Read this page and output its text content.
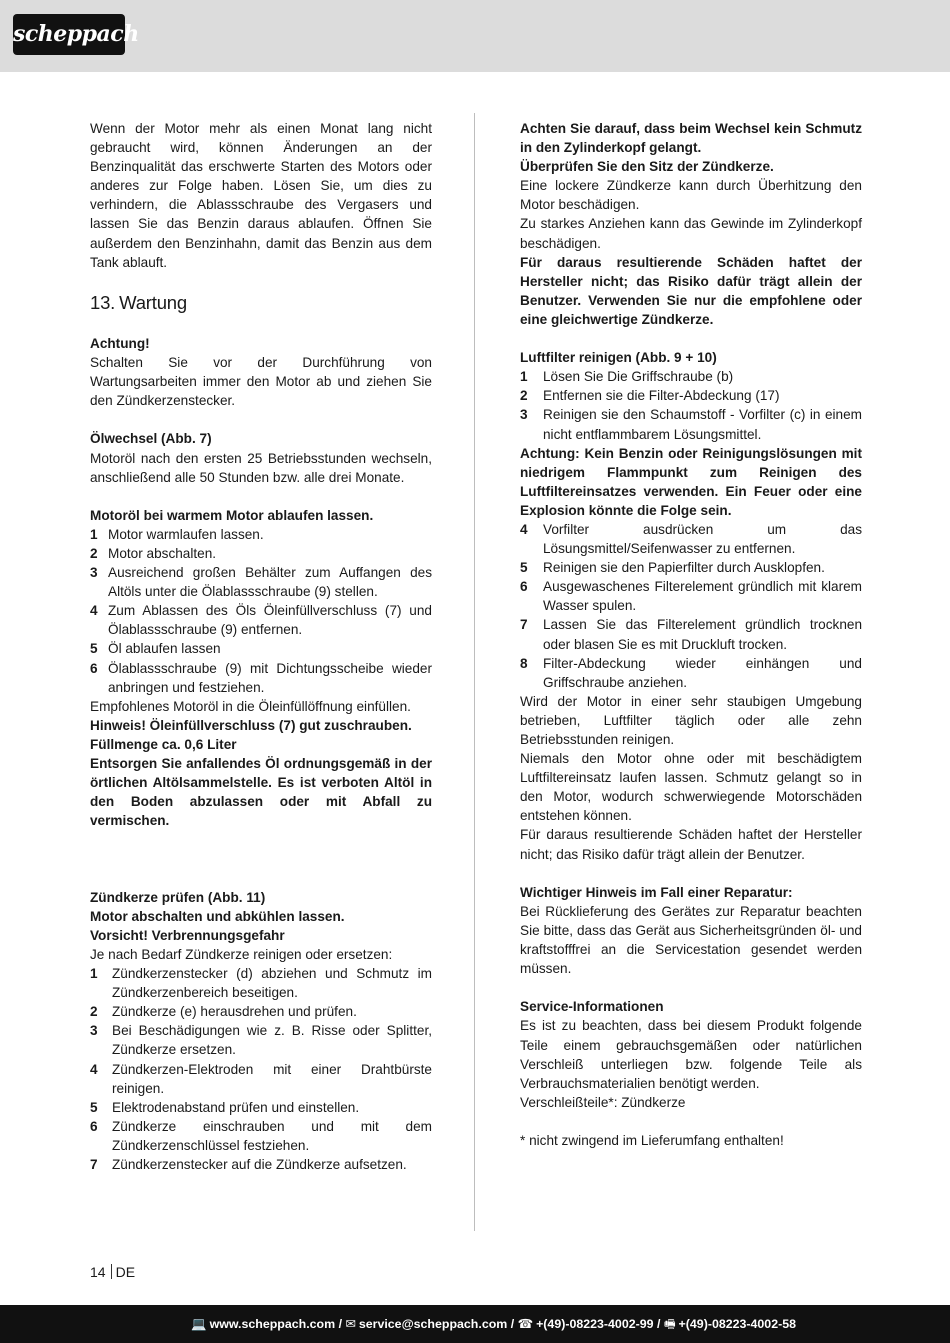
scheppach

Wenn der Motor mehr als einen Monat lang nicht gebraucht wird, können Änderungen an der Benzinqualität das erschwerte Starten des Motors oder anderes zur Folge haben. Lösen Sie, um dies zu verhindern, die Ablassschraube des Vergasers und lassen Sie das Benzin daraus ablaufen. Öffnen Sie außerdem den Benzinhahn, damit das Benzin aus dem Tank ablauft.

13. Wartung

Achtung!

Schalten Sie vor der Durchführung von Wartungsarbeiten immer den Motor ab und ziehen Sie den Zündkerzenstecker.

Ölwechsel (Abb. 7)

Motoröl nach den ersten 25 Betriebsstunden wechseln, anschließend alle 50 Stunden bzw. alle drei Monate.

Motoröl bei warmem Motor ablaufen lassen.

1 Motor warmlaufen lassen.
2 Motor abschalten.
3 Ausreichend großen Behälter zum Auffangen des Altöls unter die Ölablassschraube (9) stellen.
4 Zum Ablassen des Öls Öleinfüllverschluss (7) und Ölablassschraube (9) entfernen.
5 Öl ablaufen lassen
6 Ölablassschraube (9) mit Dichtungsscheibe wieder anbringen und festziehen.

Empfohlenes Motoröl in die Öleinfüllöffnung einfüllen.

Hinweis! Öleinfüllverschluss (7) gut zuschrauben.

Füllmenge ca. 0,6 Liter

Entsorgen Sie anfallendes Öl ordnungsgemäß in der örtlichen Altölsammelstelle. Es ist verboten Altöl in den Boden abzulassen oder mit Abfall zu vermischen.

Zündkerze prüfen (Abb. 11)

Motor abschalten und abkühlen lassen.

Vorsicht! Verbrennungsgefahr

Je nach Bedarf Zündkerze reinigen oder ersetzen:

1	Zündkerzenstecker (d) abziehen und Schmutz im Zündkerzenbereich beseitigen.
2	Zündkerze (e) herausdrehen und prüfen.
3	Bei Beschädigungen wie z. B. Risse oder Splitter, Zündkerze ersetzen.
4	Zündkerzen-Elektroden mit einer Drahtbürste reinigen.
5	Elektrodenabstand prüfen und einstellen.
6	Zündkerze einschrauben und mit dem Zündkerzenschlüssel festziehen.
7	Zündkerzenstecker auf die Zündkerze aufsetzen.

Achten Sie darauf, dass beim Wechsel kein Schmutz in den Zylinderkopf gelangt.

Überprüfen Sie den Sitz der Zündkerze.

Eine lockere Zündkerze kann durch Überhitzung den Motor beschädigen.

Zu starkes Anziehen kann das Gewinde im Zylinderkopf beschädigen.

Für daraus resultierende Schäden haftet der Hersteller nicht; das Risiko dafür trägt allein der Benutzer. Verwenden Sie nur die empfohlene oder eine gleichwertige Zündkerze.

Luftfilter reinigen (Abb. 9 + 10)

1	Lösen Sie Die Griffschraube (b)
2	Entfernen sie die Filter-Abdeckung (17)
3	Reinigen sie den Schaumstoff - Vorfilter (c) in einem nicht entflammbarem Lösungsmittel.

Achtung: Kein Benzin oder Reinigungslösungen mit niedrigem Flammpunkt zum Reinigen des Luftfiltereinsatzes verwenden. Ein Feuer oder eine Explosion könnte die Folge sein.

4	Vorfilter ausdrücken um das Lösungsmittel/Seifenwasser zu entfernen.
5	Reinigen sie den Papierfilter durch Ausklopfen.
6	Ausgewaschenes Filterelement gründlich mit klarem Wasser spulen.
7	Lassen Sie das Filterelement gründlich trocknen oder blasen Sie es mit Druckluft trocken.
8	Filter-Abdeckung wieder einhängen und Griffschraube anziehen.

Wird der Motor in einer sehr staubigen Umgebung betrieben, Luftfilter täglich oder alle zehn Betriebsstunden reinigen.

Niemals den Motor ohne oder mit beschädigtem Luftfiltereinsatz laufen lassen. Schmutz gelangt so in den Motor, wodurch schwerwiegende Motorschäden entstehen können.

Für daraus resultierende Schäden haftet der Hersteller nicht; das Risiko dafür trägt allein der Benutzer.

Wichtiger Hinweis im Fall einer Reparatur:

Bei Rücklieferung des Gerätes zur Reparatur beachten Sie bitte, dass das Gerät aus Sicherheitsgründen öl- und kraftstofffrei an die Servicestation gesendet werden müssen.

Service-Informationen

Es ist zu beachten, dass bei diesem Produkt folgende Teile einem gebrauchsgemäßen oder natürlichen Verschleiß unterliegen bzw. folgende Teile als Verbrauchsmaterialien benötigt werden.

Verschleißteile*: Zündkerze

* nicht zwingend im Lieferumfang enthalten!

14 DE
💻 www.scheppach.com / ✉ service@scheppach.com / ☎ +(49)-08223-4002-99 / 🖷 +(49)-08223-4002-58
